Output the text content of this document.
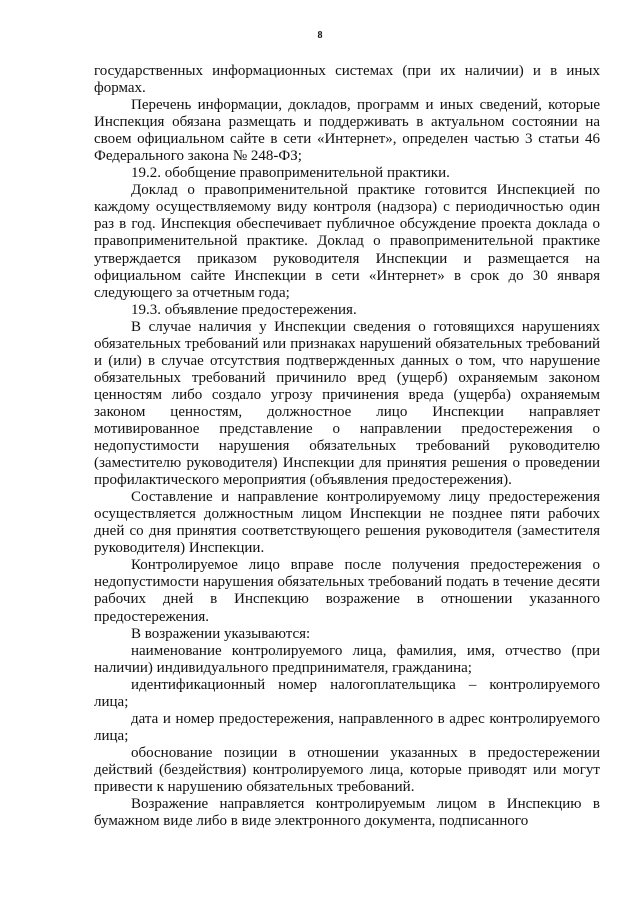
8

государственных информационных системах (при их наличии) и в иных формах.

Перечень информации, докладов, программ и иных сведений, которые Инспекция обязана размещать и поддерживать в актуальном состоянии на своем официальном сайте в сети «Интернет», определен частью 3 статьи 46 Федерального закона № 248-ФЗ;

19.2. обобщение правоприменительной практики.

Доклад о правоприменительной практике готовится Инспекцией по каждому осуществляемому виду контроля (надзора) с периодичностью один раз в год. Инспекция обеспечивает публичное обсуждение проекта доклада о правоприменительной практике. Доклад о правоприменительной практике утверждается приказом руководителя Инспекции и размещается на официальном сайте Инспекции в сети «Интернет» в срок до 30 января следующего за отчетным года;

19.3. объявление предостережения.

В случае наличия у Инспекции сведения о готовящихся нарушениях обязательных требований или признаках нарушений обязательных требований и (или) в случае отсутствия подтвержденных данных о том, что нарушение обязательных требований причинило вред (ущерб) охраняемым законом ценностям либо создало угрозу причинения вреда (ущерба) охраняемым законом ценностям, должностное лицо Инспекции направляет мотивированное представление о направлении предостережения о недопустимости нарушения обязательных требований руководителю (заместителю руководителя) Инспекции для принятия решения о проведении профилактического мероприятия (объявления предостережения).

Составление и направление контролируемому лицу предостережения осуществляется должностным лицом Инспекции не позднее пяти рабочих дней со дня принятия соответствующего решения руководителя (заместителя руководителя) Инспекции.

Контролируемое лицо вправе после получения предостережения о недопустимости нарушения обязательных требований подать в течение десяти рабочих дней в Инспекцию возражение в отношении указанного предостережения.

В возражении указываются:

наименование контролируемого лица, фамилия, имя, отчество (при наличии) индивидуального предпринимателя, гражданина;

идентификационный номер налогоплательщика – контролируемого лица;

дата и номер предостережения, направленного в адрес контролируемого лица;

обоснование позиции в отношении указанных в предостережении действий (бездействия) контролируемого лица, которые приводят или могут привести к нарушению обязательных требований.

Возражение направляется контролируемым лицом в Инспекцию в бумажном виде либо в виде электронного документа, подписанного
